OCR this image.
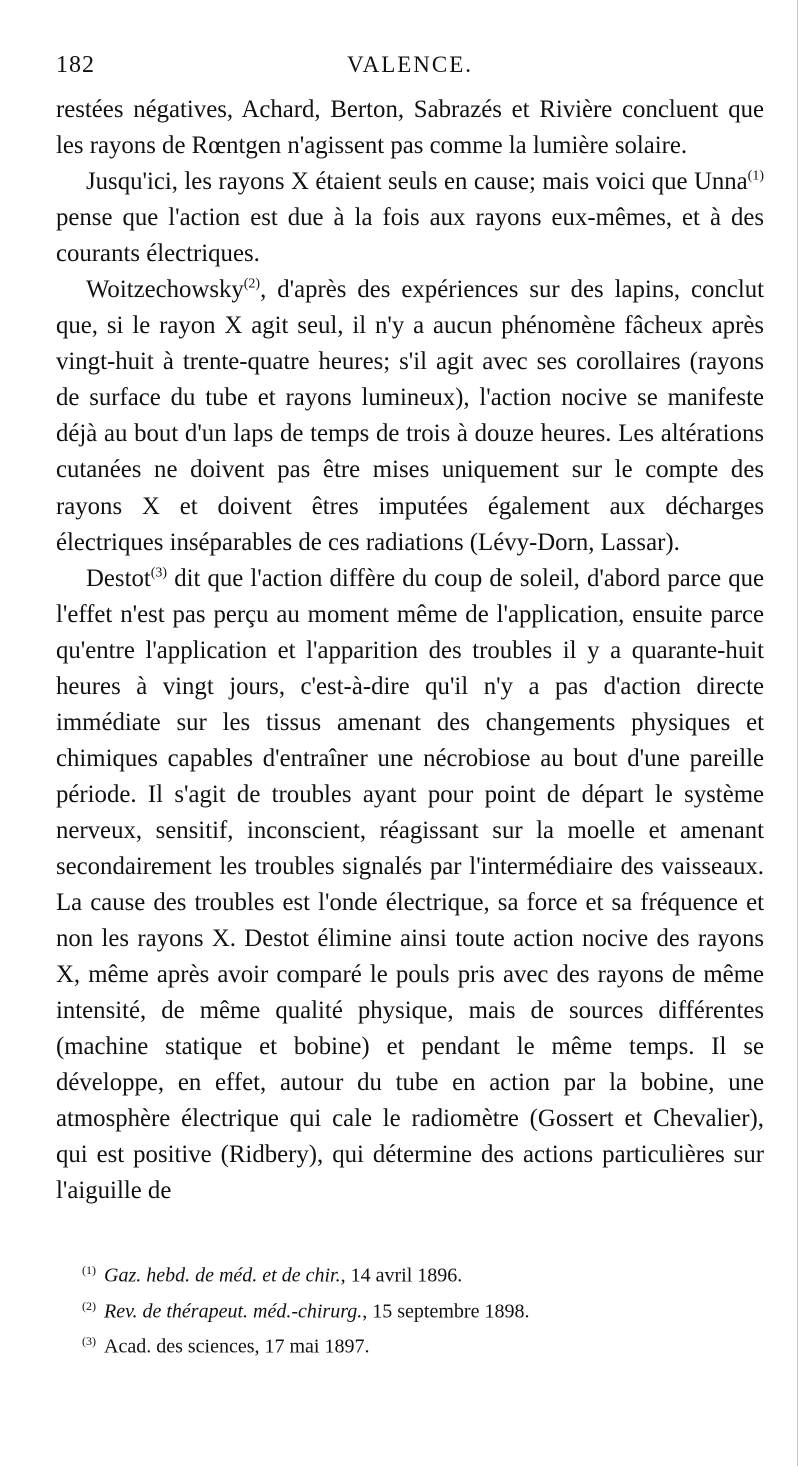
182	VALENCE.

restées négatives, Achard, Berton, Sabrazés et Rivière concluent que les rayons de Rœntgen n'agissent pas comme la lumière solaire.

Jusqu'ici, les rayons X étaient seuls en cause; mais voici que Unna$^{(1)}$ pense que l'action est due à la fois aux rayons eux-mêmes, et à des courants électriques.

Woitzechowsky$^{(2)}$, d'après des expériences sur des lapins, conclut que, si le rayon X agit seul, il n'y a aucun phénomène fâcheux après vingt-huit à trente-quatre heures; s'il agit avec ses corollaires (rayons de surface du tube et rayons lumineux), l'action nocive se manifeste déjà au bout d'un laps de temps de trois à douze heures. Les altérations cutanées ne doivent pas être mises uniquement sur le compte des rayons X et doivent êtres imputées également aux décharges électriques inséparables de ces radiations (Lévy-Dorn, Lassar).

Destot$^{(3)}$ dit que l'action diffère du coup de soleil, d'abord parce que l'effet n'est pas perçu au moment même de l'application, ensuite parce qu'entre l'application et l'apparition des troubles il y a quarante-huit heures à vingt jours, c'est-à-dire qu'il n'y a pas d'action directe immédiate sur les tissus amenant des changements physiques et chimiques capables d'entraîner une nécrobiose au bout d'une pareille période. Il s'agit de troubles ayant pour point de départ le système nerveux, sensitif, inconscient, réagissant sur la moelle et amenant secondairement les troubles signalés par l'intermédiaire des vaisseaux. La cause des troubles est l'onde électrique, sa force et sa fréquence et non les rayons X. Destot élimine ainsi toute action nocive des rayons X, même après avoir comparé le pouls pris avec des rayons de même intensité, de même qualité physique, mais de sources différentes (machine statique et bobine) et pendant le même temps. Il se développe, en effet, autour du tube en action par la bobine, une atmosphère électrique qui cale le radiomètre (Gossert et Chevalier), qui est positive (Ridbery), qui détermine des actions particulières sur l'aiguille de

$^{(1)}$ Gaz. hebd. de méd. et de chir., 14 avril 1896.
$^{(2)}$ Rev. de thérapeut. méd.-chirurg., 15 septembre 1898.
$^{(3)}$ Acad. des sciences, 17 mai 1897.
